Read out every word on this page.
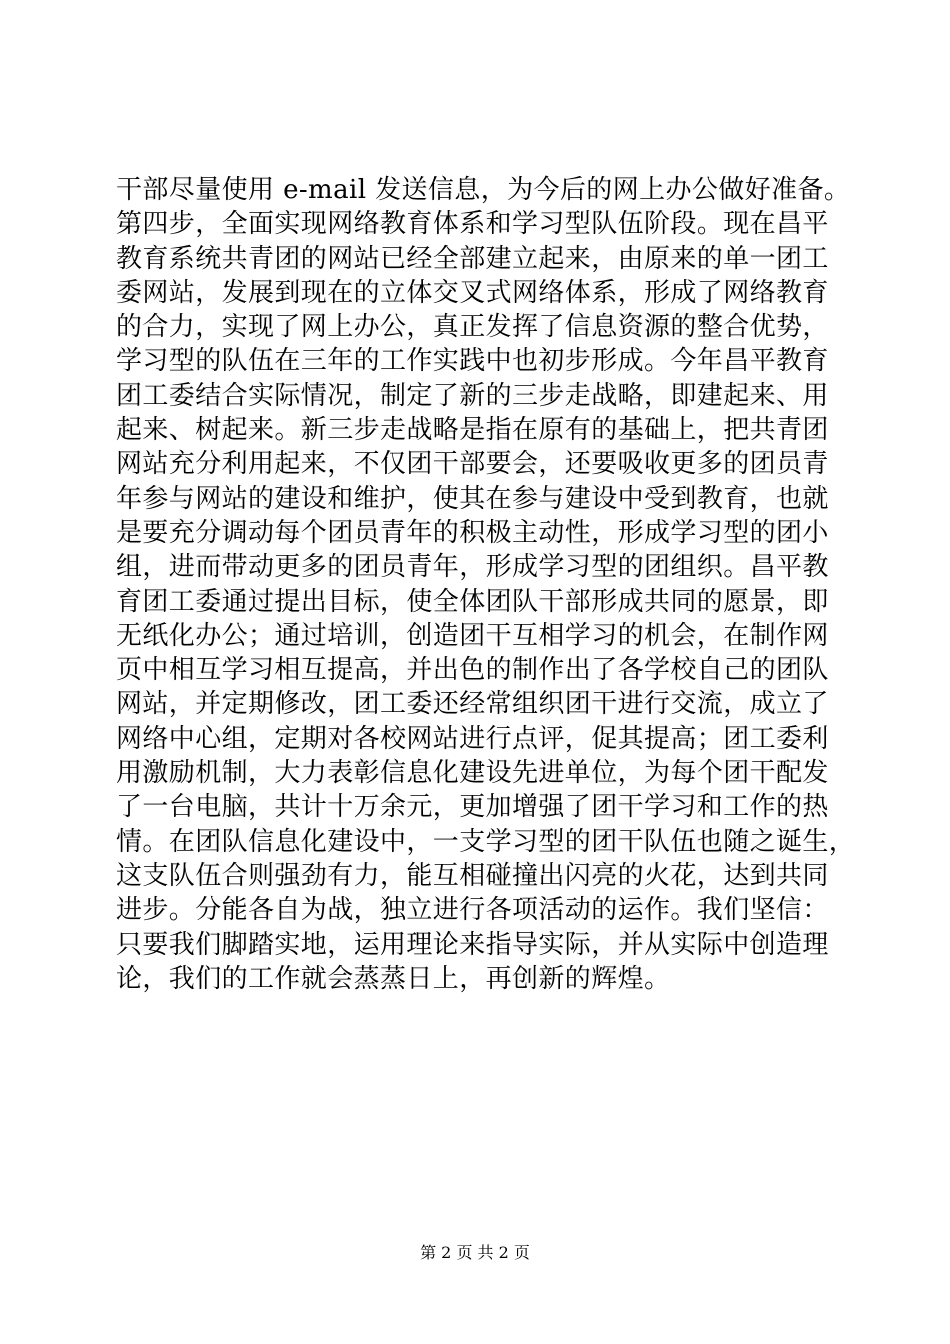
干部尽量使用 e-mail 发送信息，为今后的网上办公做好准备。
第四步，全面实现网络教育体系和学习型队伍阶段。现在昌平
教育系统共青团的网站已经全部建立起来，由原来的单一团工
委网站，发展到现在的立体交叉式网络体系，形成了网络教育
的合力，实现了网上办公，真正发挥了信息资源的整合优势，
学习型的队伍在三年的工作实践中也初步形成。今年昌平教育
团工委结合实际情况，制定了新的三步走战略，即建起来、用
起来、树起来。新三步走战略是指在原有的基础上，把共青团
网站充分利用起来，不仅团干部要会，还要吸收更多的团员青
年参与网站的建设和维护，使其在参与建设中受到教育，也就
是要充分调动每个团员青年的积极主动性，形成学习型的团小
组，进而带动更多的团员青年，形成学习型的团组织。昌平教
育团工委通过提出目标，使全体团队干部形成共同的愿景，即
无纸化办公；通过培训，创造团干互相学习的机会，在制作网
页中相互学习相互提高，并出色的制作出了各学校自己的团队
网站，并定期修改，团工委还经常组织团干进行交流，成立了
网络中心组，定期对各校网站进行点评，促其提高；团工委利
用激励机制，大力表彰信息化建设先进单位，为每个团干配发
了一台电脑，共计十万余元，更加增强了团干学习和工作的热
情。在团队信息化建设中，一支学习型的团干队伍也随之诞生，
这支队伍合则强劲有力，能互相碰撞出闪亮的火花，达到共同
进步。分能各自为战，独立进行各项活动的运作。我们坚信：
只要我们脚踏实地，运用理论来指导实际，并从实际中创造理
论，我们的工作就会蒸蒸日上，再创新的辉煌。
第 2 页 共 2 页
